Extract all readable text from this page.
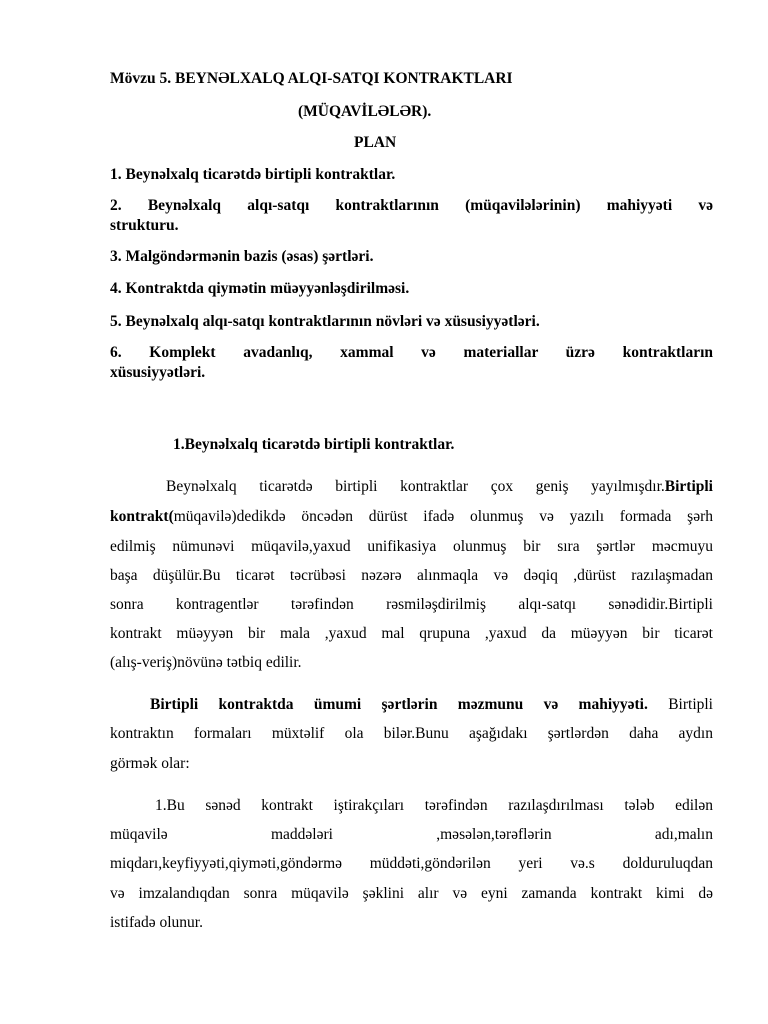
Mövzu 5. BEYNƏLXALQ ALQI-SATQI KONTRAKTLARI
(MÜQAVİLƏLƏR).
PLAN
1. Beynəlxalq ticarətdə birtipli kontraktlar.
2. Beynəlxalq alqı-satqı kontraktlarının (müqavilələrinin) mahiyyəti və
strukturu.
3. Malgöndərmənin bazis (əsas) şərtləri.
4. Kontraktda qiymətin müəyyənləşdirilməsi.
5. Beynəlxalq alqı-satqı kontraktlarının növləri və xüsusiyyətləri.
6. Komplekt avadanlıq, xammal və materiallar üzrə kontraktların
xüsusiyyətləri.
1.Beynəlxalq ticarətdə birtipli kontraktlar.
Beynəlxalq ticarətdə birtipli kontraktlar çox geniş yayılmışdır.Birtipli
kontrakt(müqavilə)dedikdə öncədən dürüst ifadə olunmuş və yazılı formada şərh
edilmiş nümunəvi müqavilə,yaxud unifikasiya olunmuş bir sıra şərtlər məcmuyu
başa düşülür.Bu ticarət təcrübəsi nəzərə alınmaqla və dəqiq ,dürüst razılaşmadan
sonra kontragentlər tərəfindən rəsmiləşdirilmiş alqı-satqı sənədidir.Birtipli
kontrakt müəyyən bir mala ,yaxud mal qrupuna ,yaxud da müəyyən bir ticarət
(alış-veriş)növünə tətbiq edilir.
Birtipli kontraktda ümumi şərtlərin məzmunu və mahiyyəti. Birtipli
kontraktın formaları müxtəlif ola bilər.Bunu aşağıdakı şərtlərdən daha aydın
görmək olar:
1.Bu sənəd kontrakt iştirakçıları tərəfindən razılaşdırılması tələb edilən
müqavilə maddələri ,məsələn,tərəflərin adı,malın
miqdarı,keyfiyyəti,qiyməti,göndərmə müddəti,göndərilən yeri və.s dolduruluqdan
və imzalandıqdan sonra müqavilə şəklini alır və eyni zamanda kontrakt kimi də
istifadə olunur.
